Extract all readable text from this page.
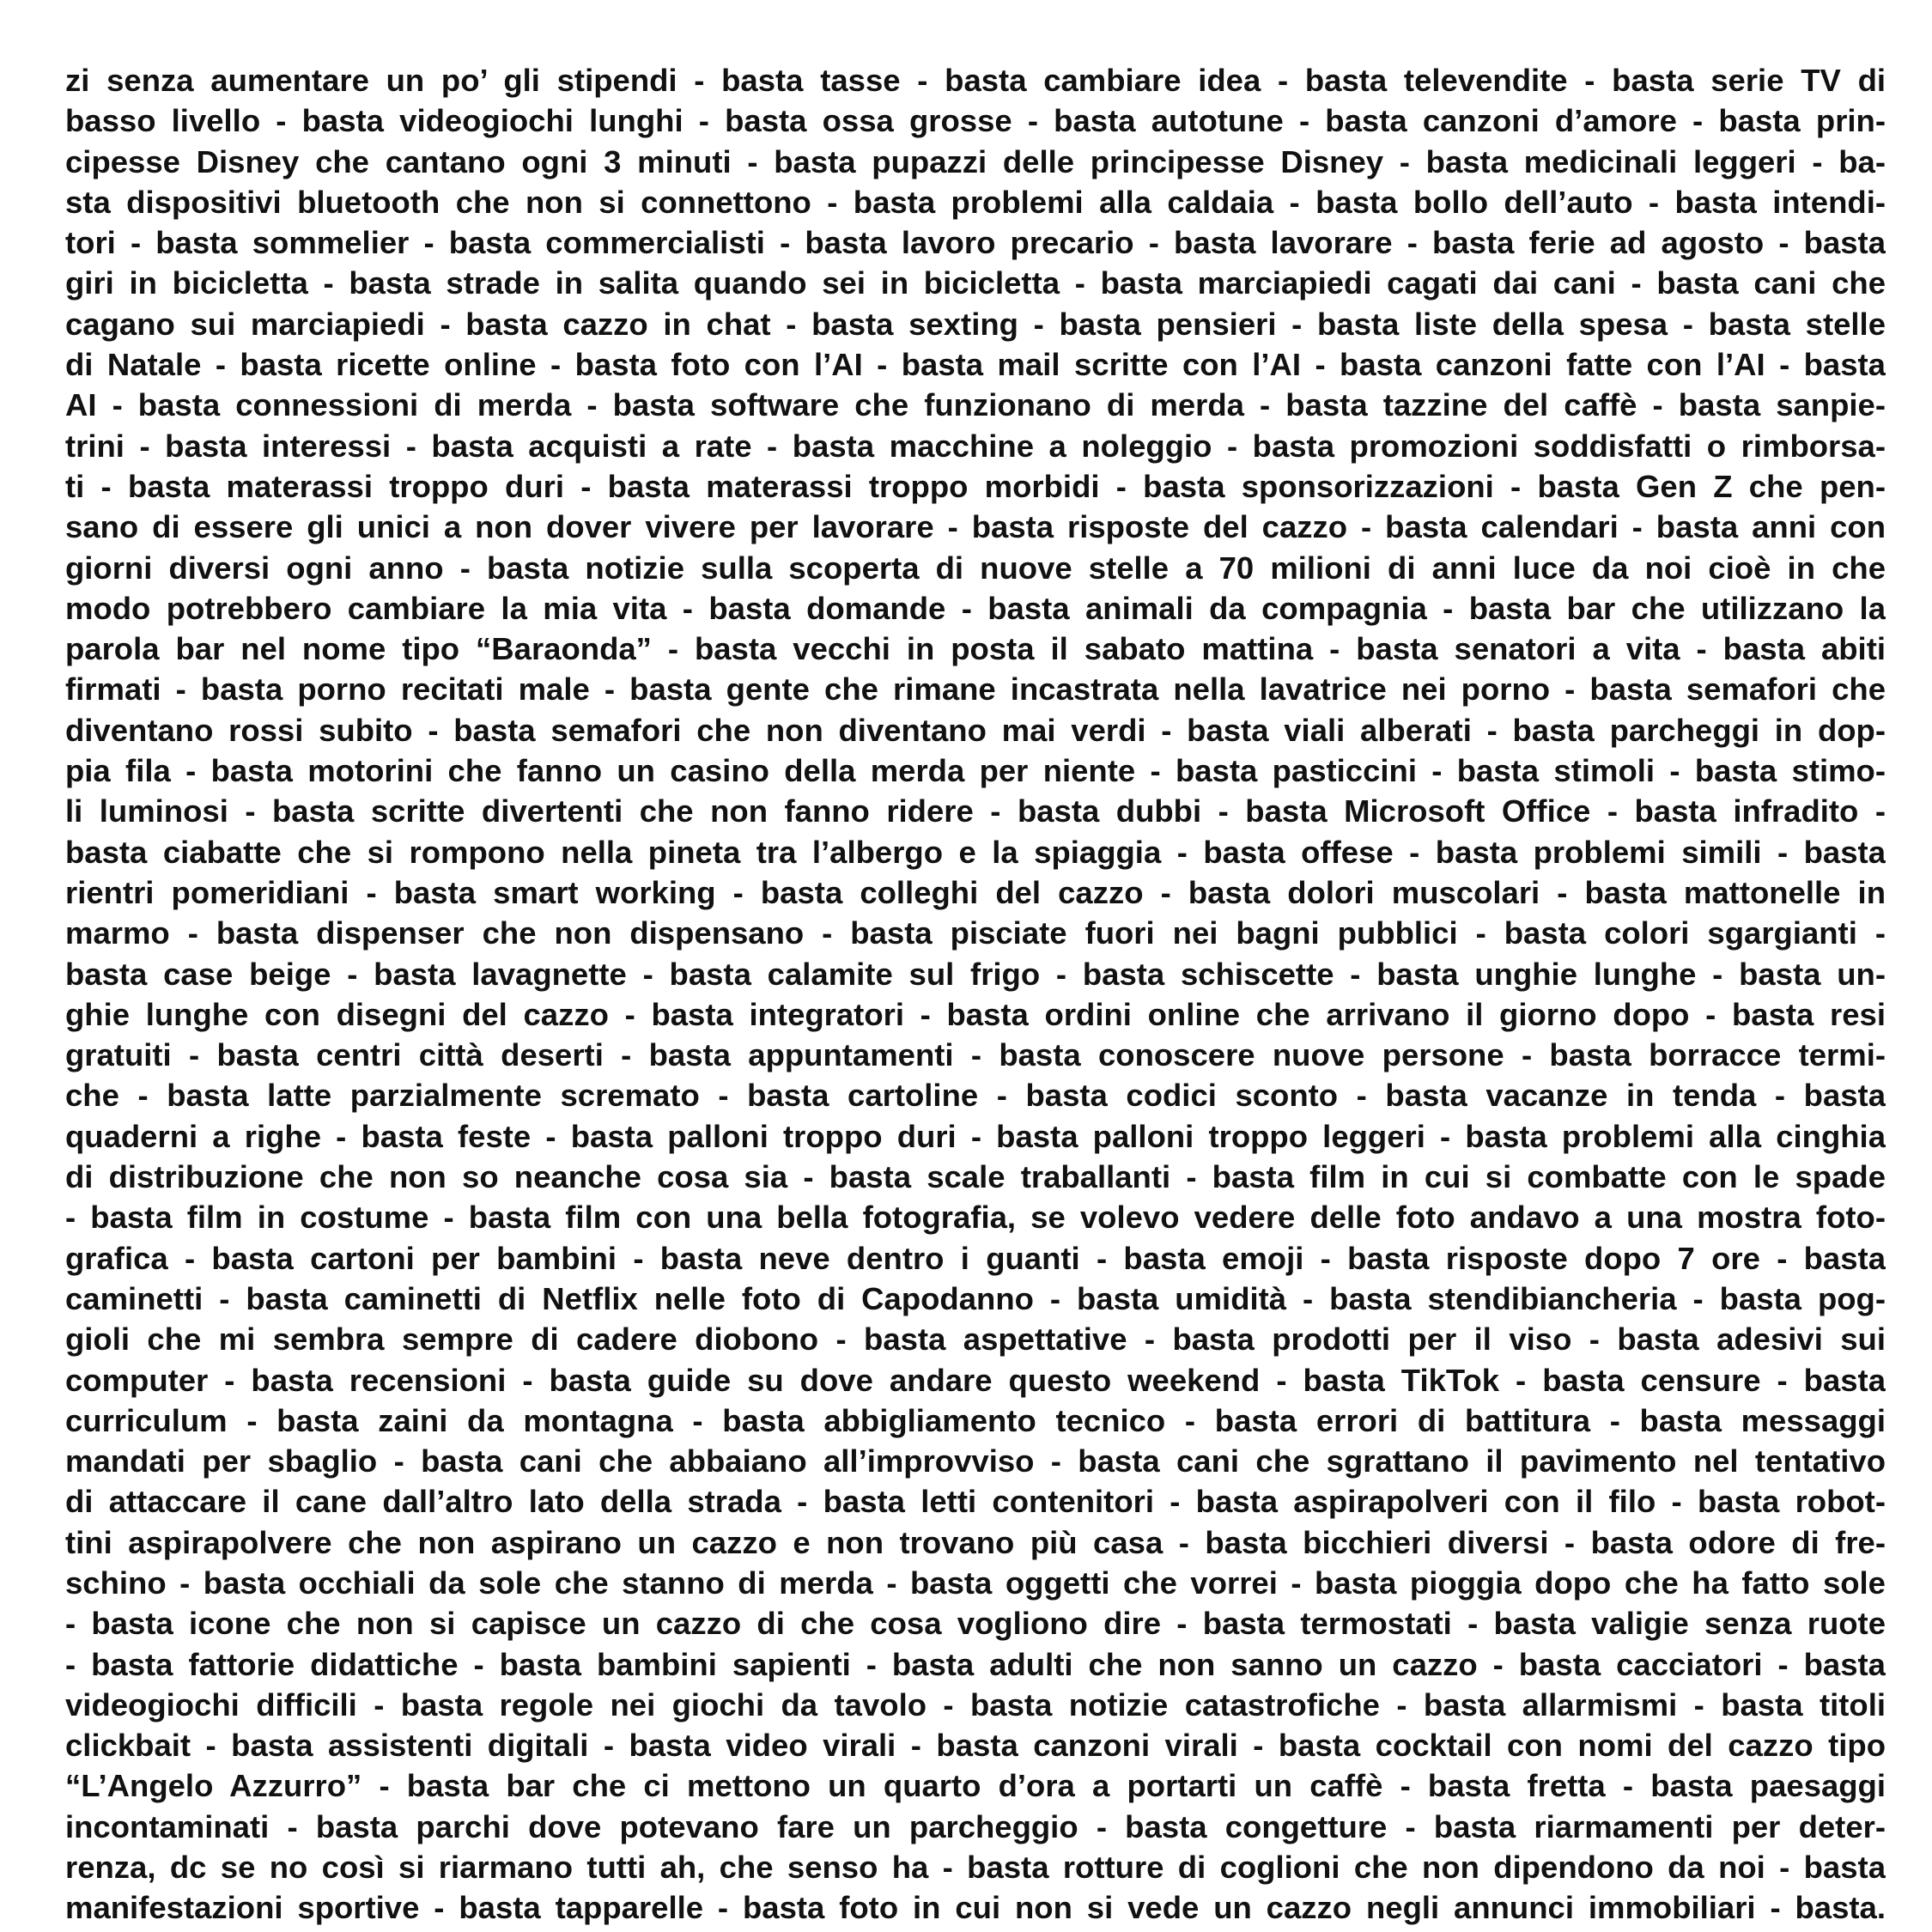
zi senza aumentare un po’ gli stipendi - basta tasse - basta cambiare idea - basta televendite - basta serie TV di
basso livello - basta videogiochi lunghi - basta ossa grosse - basta autotune - basta canzoni d’amore - basta prin-
cipesse Disney che cantano ogni 3 minuti - basta pupazzi delle principesse Disney - basta medicinali leggeri - ba-
sta dispositivi bluetooth che non si connettono - basta problemi alla caldaia - basta bollo dell’auto - basta intendi-
tori - basta sommelier - basta commercialisti - basta lavoro precario - basta lavorare - basta ferie ad agosto - basta
giri in bicicletta - basta strade in salita quando sei in bicicletta - basta marciapiedi cagati dai cani - basta cani che
cagano sui marciapiedi - basta cazzo in chat - basta sexting - basta pensieri - basta liste della spesa - basta stelle
di Natale - basta ricette online - basta foto con l’AI - basta mail scritte con l’AI - basta canzoni fatte con l’AI - basta
AI - basta connessioni di merda - basta software che funzionano di merda - basta tazzine del caffè - basta sanpie-
trini - basta interessi - basta acquisti a rate - basta macchine a noleggio - basta promozioni soddisfatti o rimborsa-
ti - basta materassi troppo duri - basta materassi troppo morbidi - basta sponsorizzazioni - basta Gen Z che pen-
sano di essere gli unici a non dover vivere per lavorare - basta risposte del cazzo - basta calendari - basta anni con
giorni diversi ogni anno - basta notizie sulla scoperta di nuove stelle a 70 milioni di anni luce da noi cioè in che
modo potrebbero cambiare la mia vita - basta domande - basta animali da compagnia - basta bar che utilizzano la
parola bar nel nome tipo “Baraonda” - basta vecchi in posta il sabato mattina - basta senatori a vita - basta abiti
firmati - basta porno recitati male - basta gente che rimane incastrata nella lavatrice nei porno - basta semafori che
diventano rossi subito - basta semafori che non diventano mai verdi - basta viali alberati - basta parcheggi in dop-
pia fila - basta motorini che fanno un casino della merda per niente - basta pasticcini - basta stimoli - basta stimo-
li luminosi - basta scritte divertenti che non fanno ridere - basta dubbi - basta Microsoft Office - basta infradito -
basta ciabatte che si rompono nella pineta tra l’albergo e la spiaggia - basta offese - basta problemi simili - basta
rientri pomeridiani - basta smart working - basta colleghi del cazzo - basta dolori muscolari - basta mattonelle in
marmo - basta dispenser che non dispensano - basta pisciate fuori nei bagni pubblici - basta colori sgargianti -
basta case beige - basta lavagnette - basta calamite sul frigo - basta schiscette - basta unghie lunghe - basta un-
ghie lunghe con disegni del cazzo - basta integratori - basta ordini online che arrivano il giorno dopo - basta resi
gratuiti - basta centri città deserti - basta appuntamenti - basta conoscere nuove persone - basta borracce termi-
che - basta latte parzialmente scremato - basta cartoline - basta codici sconto - basta vacanze in tenda - basta
quaderni a righe - basta feste - basta palloni troppo duri - basta palloni troppo leggeri - basta problemi alla cinghia
di distribuzione che non so neanche cosa sia - basta scale traballanti - basta film in cui si combatte con le spade
- basta film in costume - basta film con una bella fotografia, se volevo vedere delle foto andavo a una mostra foto-
grafica - basta cartoni per bambini - basta neve dentro i guanti - basta emoji - basta risposte dopo 7 ore - basta
caminetti - basta caminetti di Netflix nelle foto di Capodanno - basta umidità - basta stendibiancheria - basta pog-
gioli che mi sembra sempre di cadere diobono - basta aspettative - basta prodotti per il viso - basta adesivi sui
computer - basta recensioni - basta guide su dove andare questo weekend - basta TikTok - basta censure - basta
curriculum - basta zaini da montagna - basta abbigliamento tecnico - basta errori di battitura - basta messaggi
mandati per sbaglio - basta cani che abbaiano all’improvviso - basta cani che sgrattano il pavimento nel tentativo
di attaccare il cane dall’altro lato della strada - basta letti contenitori - basta aspirapolveri con il filo - basta robot-
tini aspirapolvere che non aspirano un cazzo e non trovano più casa - basta bicchieri diversi - basta odore di fre-
schino - basta occhiali da sole che stanno di merda - basta oggetti che vorrei - basta pioggia dopo che ha fatto sole
- basta icone che non si capisce un cazzo di che cosa vogliono dire - basta termostati - basta valigie senza ruote
- basta fattorie didattiche - basta bambini sapienti - basta adulti che non sanno un cazzo - basta cacciatori - basta
videogiochi difficili - basta regole nei giochi da tavolo - basta notizie catastrofiche - basta allarmismi - basta titoli
clickbait - basta assistenti digitali - basta video virali - basta canzoni virali - basta cocktail con nomi del cazzo tipo
“L’Angelo Azzurro” - basta bar che ci mettono un quarto d’ora a portarti un caffè - basta fretta - basta paesaggi
incontaminati - basta parchi dove potevano fare un parcheggio - basta congetture - basta riarmamenti per deter-
renza, dc se no così si riarmano tutti ah, che senso ha - basta rotture di coglioni che non dipendono da noi - basta
manifestazioni sportive - basta tapparelle - basta foto in cui non si vede un cazzo negli annunci immobiliari - basta.
